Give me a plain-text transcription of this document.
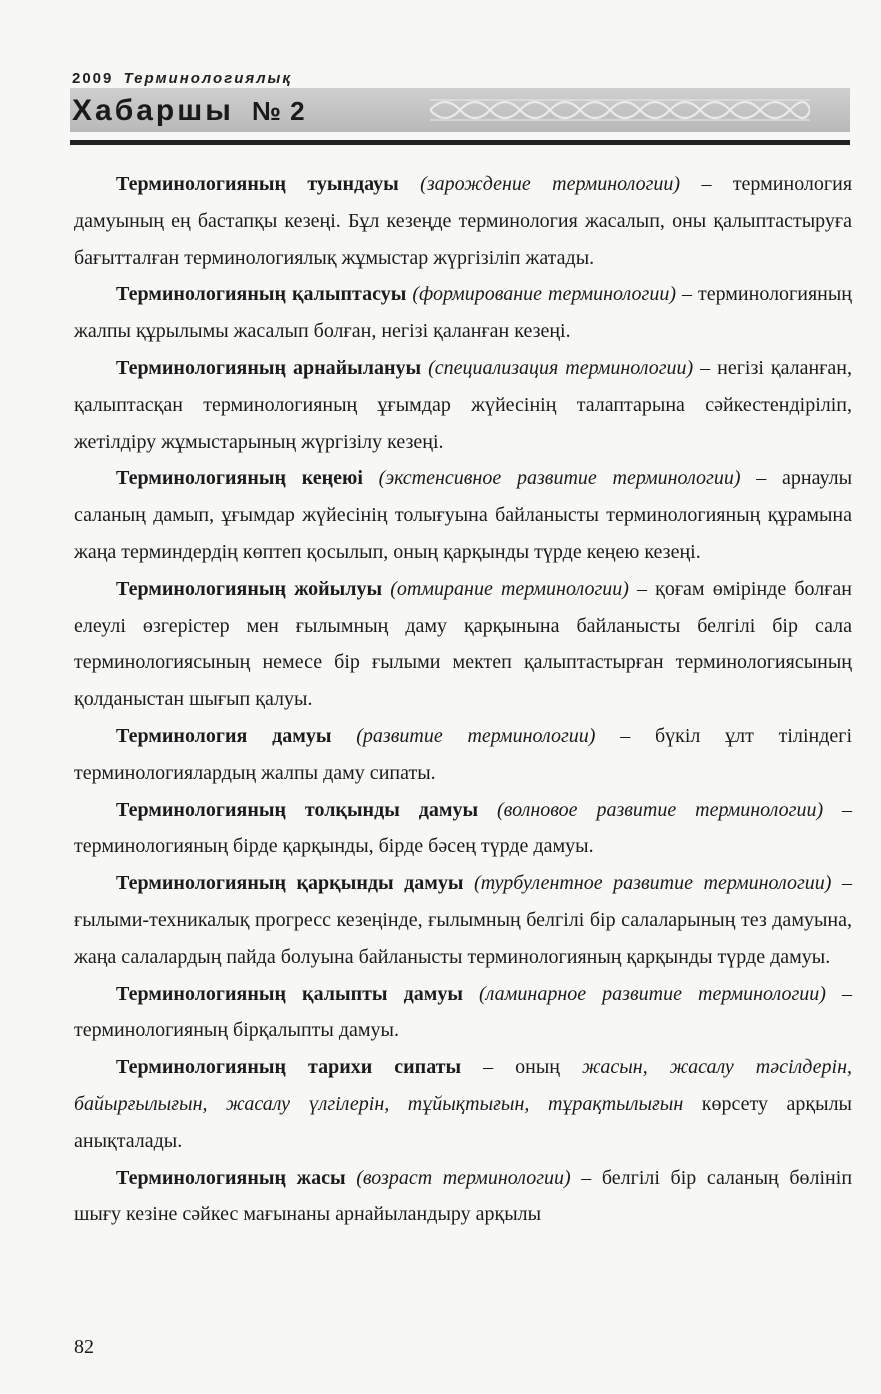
2009 Терминологиялық
Хабаршы № 2

Терминологияның туындауы (зарождение терминологии) – терминология дамуының ең бастапқы кезеңі. Бұл кезеңде терминология жасалып, оны қалыптастыруға бағытталған терминологиялық жұмыстар жүргізіліп жатады.

Терминологияның қалыптасуы (формирование терминологии) – терминологияның жалпы құрылымы жасалып болған, негізі қаланған кезеңі.

Терминологияның арнайылануы (специализация терминологии) – негізі қаланған, қалыптасқан терминологияның ұғымдар жүйесінің талаптарына сәйкестендіріліп, жетілдіру жұмыстарының жүргізілу кезеңі.

Терминологияның кеңеюі (экстенсивное развитие терминологии) – арнаулы саланың дамып, ұғымдар жүйесінің толығуына байланысты терминологияның құрамына жаңа терминдердің көптеп қосылып, оның қарқынды түрде кеңею кезеңі.

Терминологияның жойылуы (отмирание терминологии) – қоғам өмірінде болған елеулі өзгерістер мен ғылымның даму қарқынына байланысты белгілі бір сала терминологиясының немесе бір ғылыми мектеп қалыптастырған терминологиясының қолданыстан шығып қалуы.

Терминология дамуы (развитие терминологии) – бүкіл ұлт тіліндегі терминологиялардың жалпы даму сипаты.

Терминологияның толқынды дамуы (волновое развитие терминологии) – терминологияның бірде қарқынды, бірде бәсең түрде дамуы.

Терминологияның қарқынды дамуы (турбулентное развитие терминологии) – ғылыми-техникалық прогресс кезеңінде, ғылымның белгілі бір салаларының тез дамуына, жаңа салалардың пайда болуына байланысты терминологияның қарқынды түрде дамуы.

Терминологияның қалыпты дамуы (ламинарное развитие терминологии) – терминологияның бірқалыпты дамуы.

Терминологияның тарихи сипаты – оның жасын, жасалу тәсілдерін, байырғылығын, жасалу үлгілерін, тұйықтығын, тұрақтылығын көрсету арқылы анықталады.

Терминологияның жасы (возраст терминологии) – белгілі бір саланың бөлініп шығу кезіне сәйкес мағынаны арнайыландыру арқылы

82
